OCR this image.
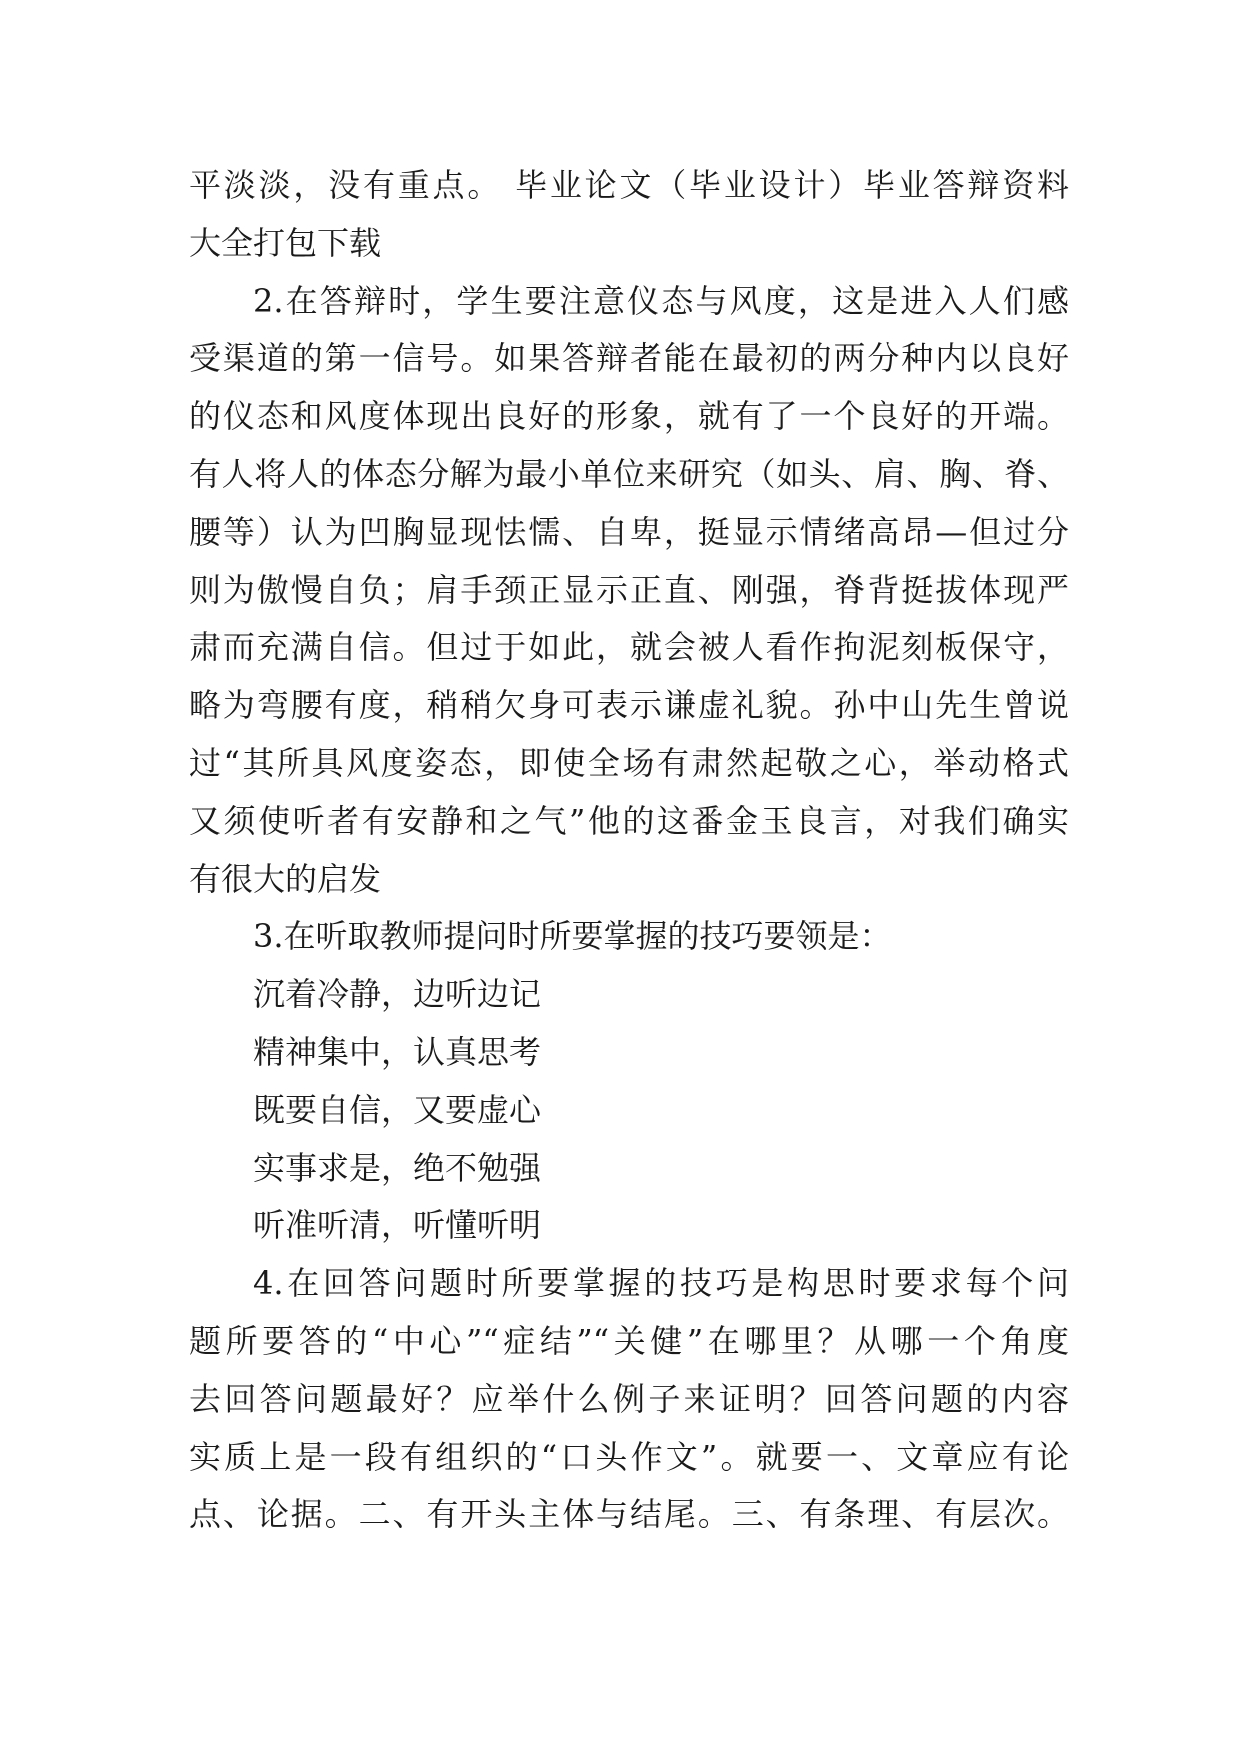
平淡淡，没有重点。 毕业论文（毕业设计）毕业答辩资料
大全打包下载
2.在答辩时，学生要注意仪态与风度，这是进入人们感
受渠道的第一信号。如果答辩者能在最初的两分种内以良好
的仪态和风度体现出良好的形象，就有了一个良好的开端。
有人将人的体态分解为最小单位来研究（如头、肩、胸、脊、
腰等）认为凹胸显现怯懦、自卑，挺显示情绪高昂—但过分
则为傲慢自负；肩手颈正显示正直、刚强，脊背挺拔体现严
肃而充满自信。但过于如此，就会被人看作拘泥刻板保守，
略为弯腰有度，稍稍欠身可表示谦虚礼貌。孙中山先生曾说
过“其所具风度姿态，即使全场有肃然起敬之心，举动格式
又须使听者有安静和之气”他的这番金玉良言，对我们确实
有很大的启发
3.在听取教师提问时所要掌握的技巧要领是：
沉着冷静，边听边记
精神集中，认真思考
既要自信，又要虚心
实事求是，绝不勉强
听准听清，听懂听明
4.在回答问题时所要掌握的技巧是构思时要求每个问
题所要答的“中心”“症结”“关健”在哪里？从哪一个角度
去回答问题最好？应举什么例子来证明？回答问题的内容
实质上是一段有组织的“口头作文”。就要一、文章应有论
点、论据。二、有开头主体与结尾。三、有条理、有层次。
